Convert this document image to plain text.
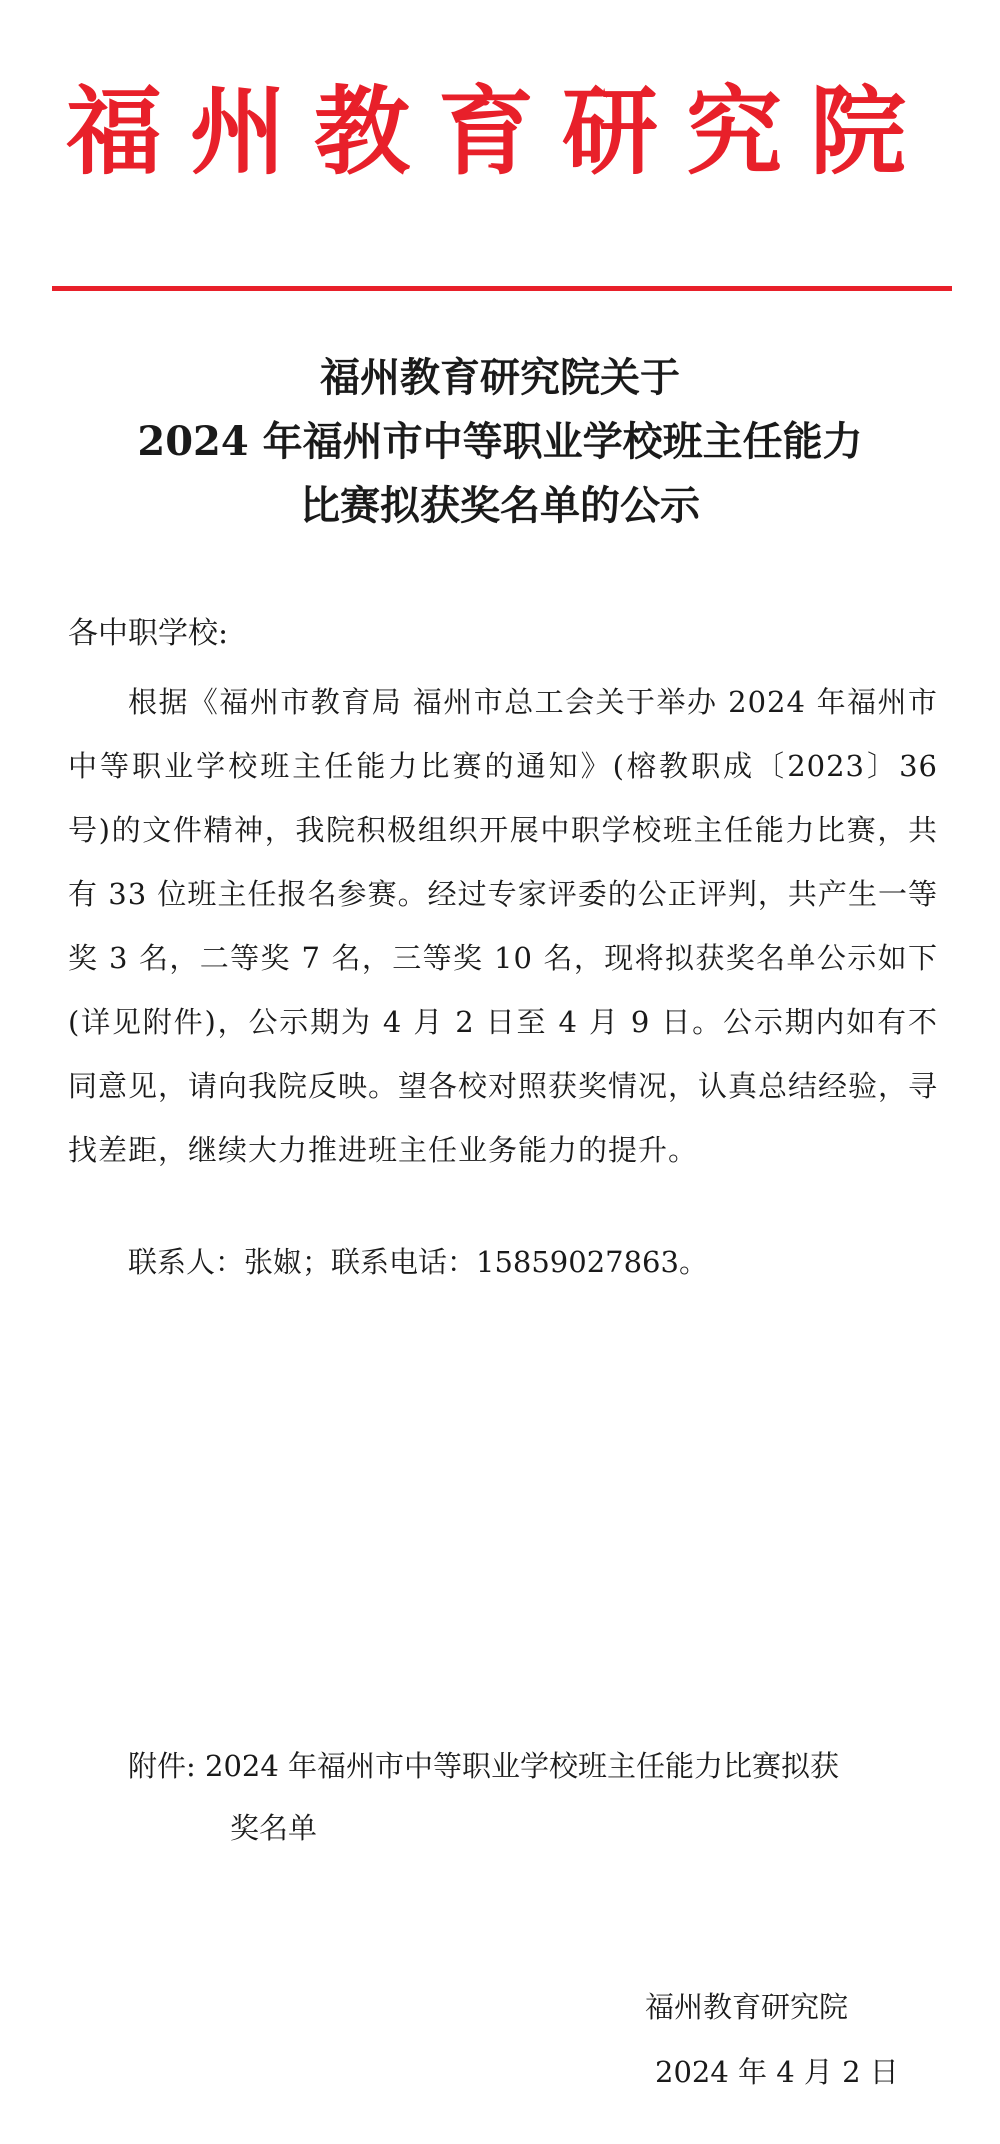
福州教育研究院
福州教育研究院关于
2024 年福州市中等职业学校班主任能力
比赛拟获奖名单的公示
各中职学校:

根据《福州市教育局 福州市总工会关于举办 2024 年福州市中等职业学校班主任能力比赛的通知》(榕教职成〔2023〕36 号)的文件精神，我院积极组织开展中职学校班主任能力比赛，共有 33 位班主任报名参赛。经过专家评委的公正评判，共产生一等奖 3 名，二等奖 7 名，三等奖 10 名，现将拟获奖名单公示如下(详见附件)，公示期为 4 月 2 日至 4 月 9 日。公示期内如有不同意见，请向我院反映。望各校对照获奖情况，认真总结经验，寻找差距，继续大力推进班主任业务能力的提升。

联系人：张婌；联系电话：15859027863。
附件: 2024 年福州市中等职业学校班主任能力比赛拟获
奖名单
福州教育研究院
2024 年 4 月 2 日
